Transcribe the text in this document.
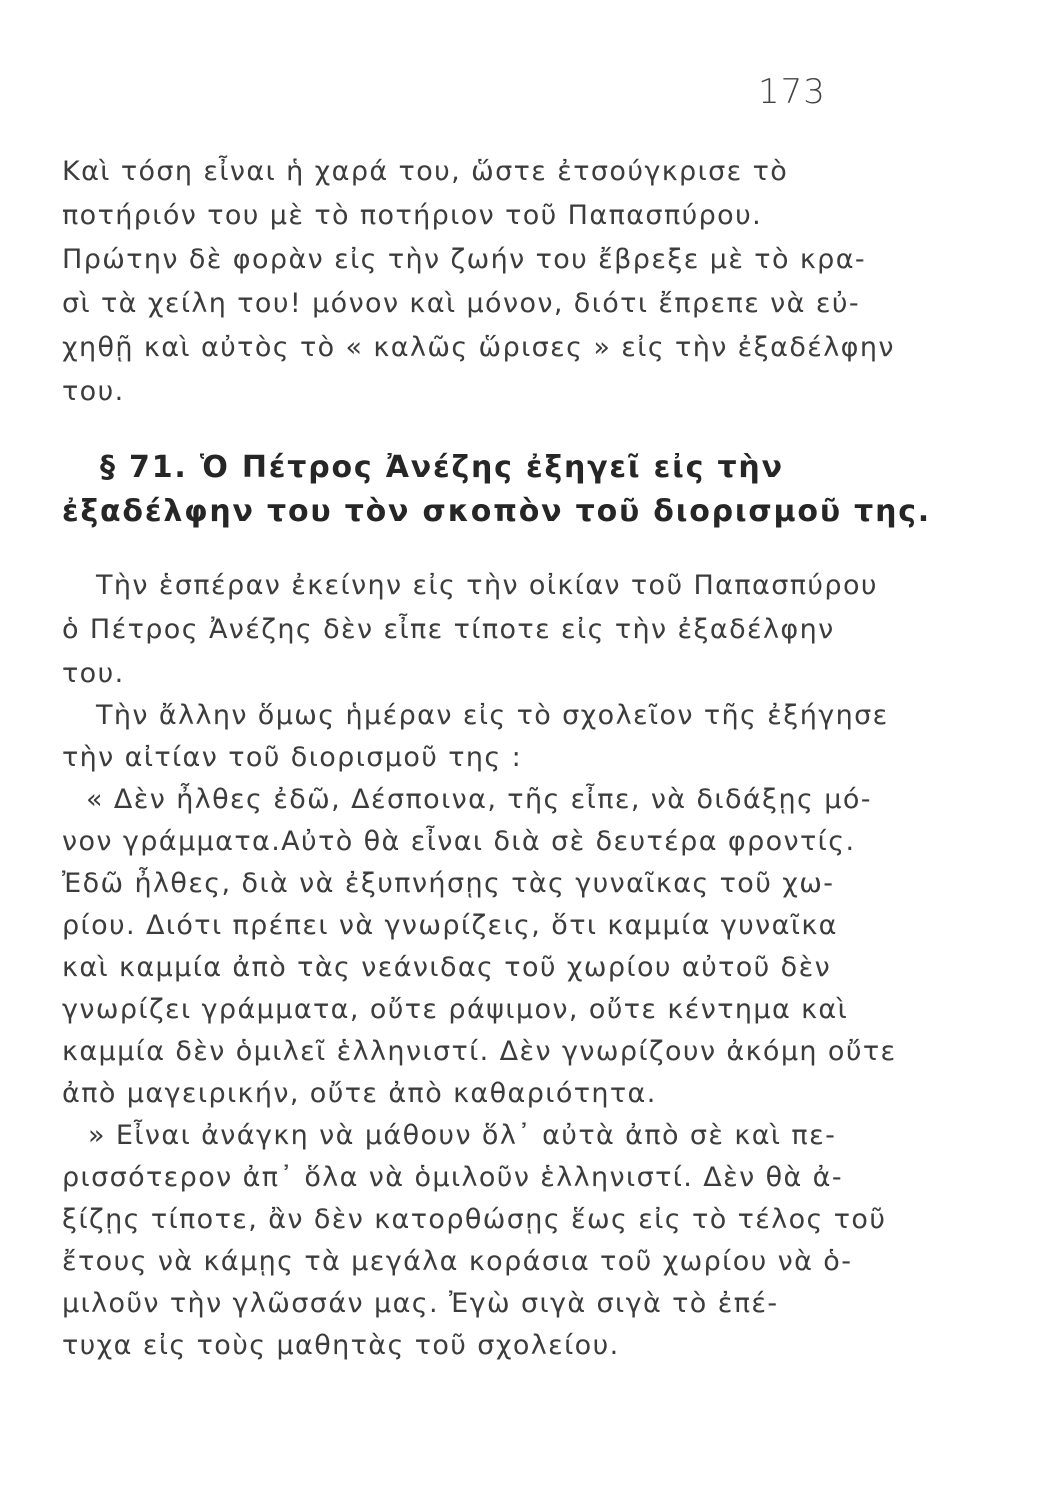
173
Καὶ τόση εἶναι ἡ χαρά του, ὥστε ἐτσούγκρισε τὸ
ποτήριόν του μὲ τὸ ποτήριον τοῦ Παπασπύρου.
Πρώτην δὲ φορὰν εἰς τὴν ζωήν του ἔβρεξε μὲ τὸ κρα-
σὶ τὰ χείλη του! μόνον καὶ μόνον, διότι ἔπρεπε νὰ εὐ-
χηθῇ καὶ αὐτὸς τὸ « καλῶς ὥρισες » εἰς τὴν ἐξαδέλφην
του.
§ 71. Ὁ Πέτρος Ἀνέζης ἐξηγεῖ εἰς τὴν
ἐξαδέλφην του τὸν σκοπὸν τοῦ διορισμοῦ της.
Τὴν ἑσπέραν ἐκείνην εἰς τὴν οἰκίαν τοῦ Παπασπύρου
ὁ Πέτρος Ἀνέζης δὲν εἶπε τίποτε εἰς τὴν ἐξαδέλφην
του.
Τὴν ἄλλην ὅμως ἡμέραν εἰς τὸ σχολεῖον τῆς ἐξήγησε
τὴν αἰτίαν τοῦ διορισμοῦ της :
« Δὲν ἦλθες ἐδῶ, Δέσποινα, τῆς εἶπε, νὰ διδάξῃς μό-
νον γράμματα.Αὐτὸ θὰ εἶναι διὰ σὲ δευτέρα φροντίς.
Ἐδῶ ἦλθες, διὰ νὰ ἐξυπνήσῃς τὰς γυναῖκας τοῦ χω-
ρίου. Διότι πρέπει νὰ γνωρίζεις, ὅτι καμμία γυναῖκα
καὶ καμμία ἀπὸ τὰς νεάνιδας τοῦ χωρίου αὐτοῦ δὲν
γνωρίζει γράμματα, οὔτε ράψιμον, οὔτε κέντημα καὶ
καμμία δὲν ὁμιλεῖ ἑλληνιστί. Δὲν γνωρίζουν ἀκόμη οὔτε
ἀπὸ μαγειρικήν, οὔτε ἀπὸ καθαριότητα.
» Εἶναι ἀνάγκη νὰ μάθουν ὅλ᾽ αὐτὰ ἀπὸ σὲ καὶ πε-
ρισσότερον ἀπ᾽ ὅλα νὰ ὁμιλοῦν ἑλληνιστί. Δὲν θὰ ἀ-
ξίζῃς τίποτε, ἂν δὲν κατορθώσῃς ἕως εἰς τὸ τέλος τοῦ
ἔτους νὰ κάμῃς τὰ μεγάλα κοράσια τοῦ χωρίου νὰ ὁ-
μιλοῦν τὴν γλῶσσάν μας. Ἐγὼ σιγὰ σιγὰ τὸ ἐπέ-
τυχα εἰς τοὺς μαθητὰς τοῦ σχολείου.
